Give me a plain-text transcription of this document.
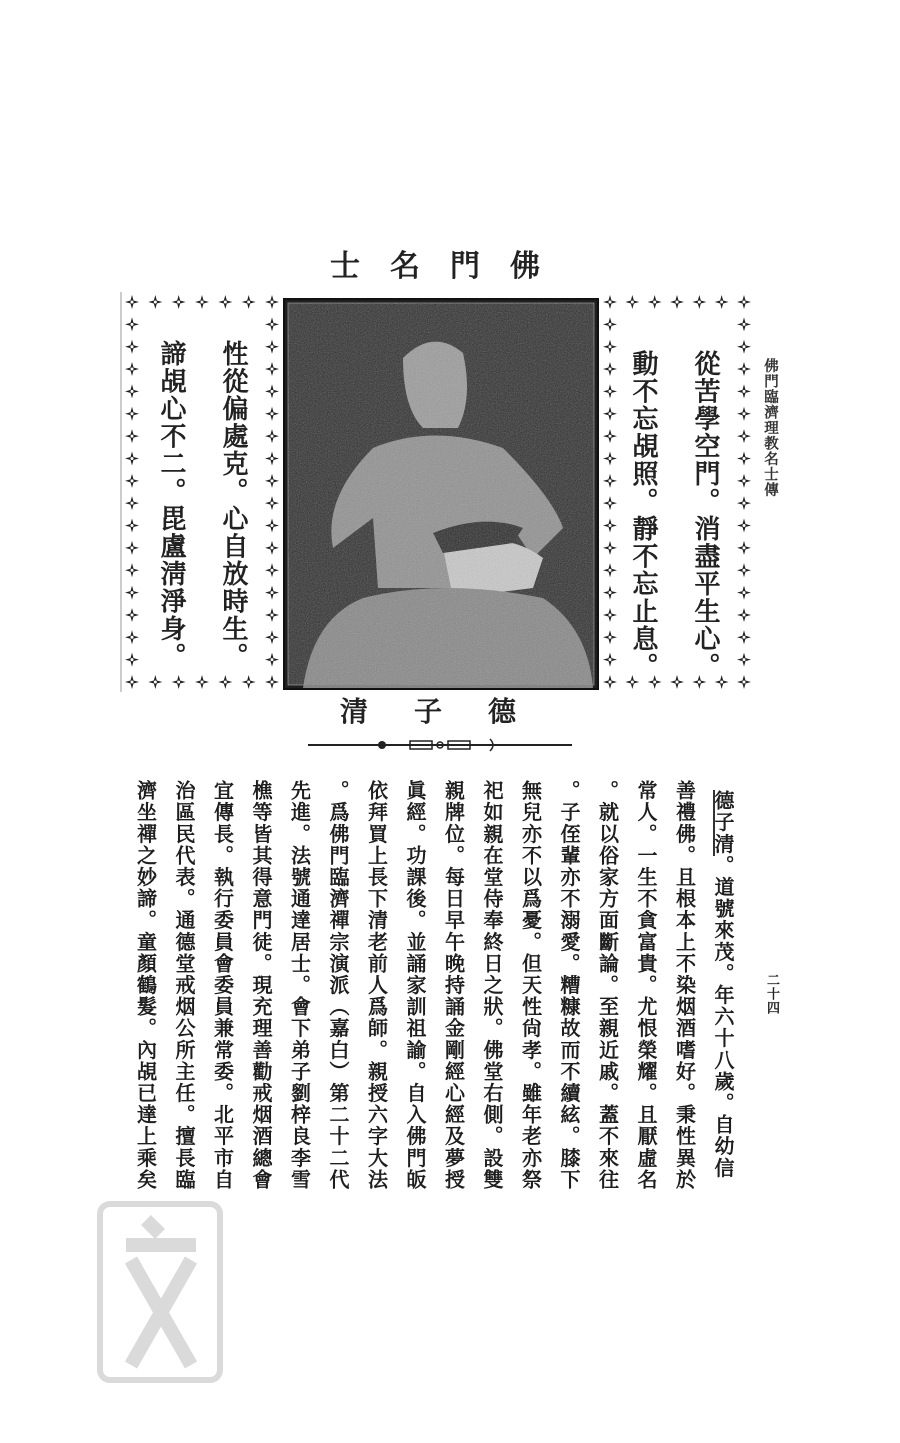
佛門名士
從苦學空門。消盡平生心。
動不忘覘照。靜不忘止息。
性從偏處克。心自放時生。
諦覘心不二。毘盧淸淨身。
德子清
佛門臨濟理教名士傳
二十四
德子清。道號來茂。年六十八歲。自幼信
善禮佛。且根本上不染烟酒嗜好。秉性異於
常人。一生不貪富貴。尤恨榮耀。且厭虛名
。就以俗家方面斷論。至親近戚。蓋不來往
。子侄輩亦不溺愛。糟糠故而不續絃。膝下
無兒亦不以爲憂。但天性尙孝。雖年老亦祭
祀如親在堂侍奉終日之狀。佛堂右側。設雙
親牌位。每日早午晚持誦金剛經心經及夢授
眞經。功課後。並誦家訓祖諭。自入佛門皈
依拜買上長下清老前人爲師。親授六字大法
。爲佛門臨濟禪宗演派（嘉白）第二十二代
先進。法號通達居士。會下弟子劉梓良李雪
樵等皆其得意門徒。現充理善勸戒烟酒總會
宜傳長。執行委員會委員兼常委。北平市自
治區民代表。通德堂戒烟公所主任。擅長臨
濟坐禪之妙諦。童顏鶴髮。內覘已達上乘矣
